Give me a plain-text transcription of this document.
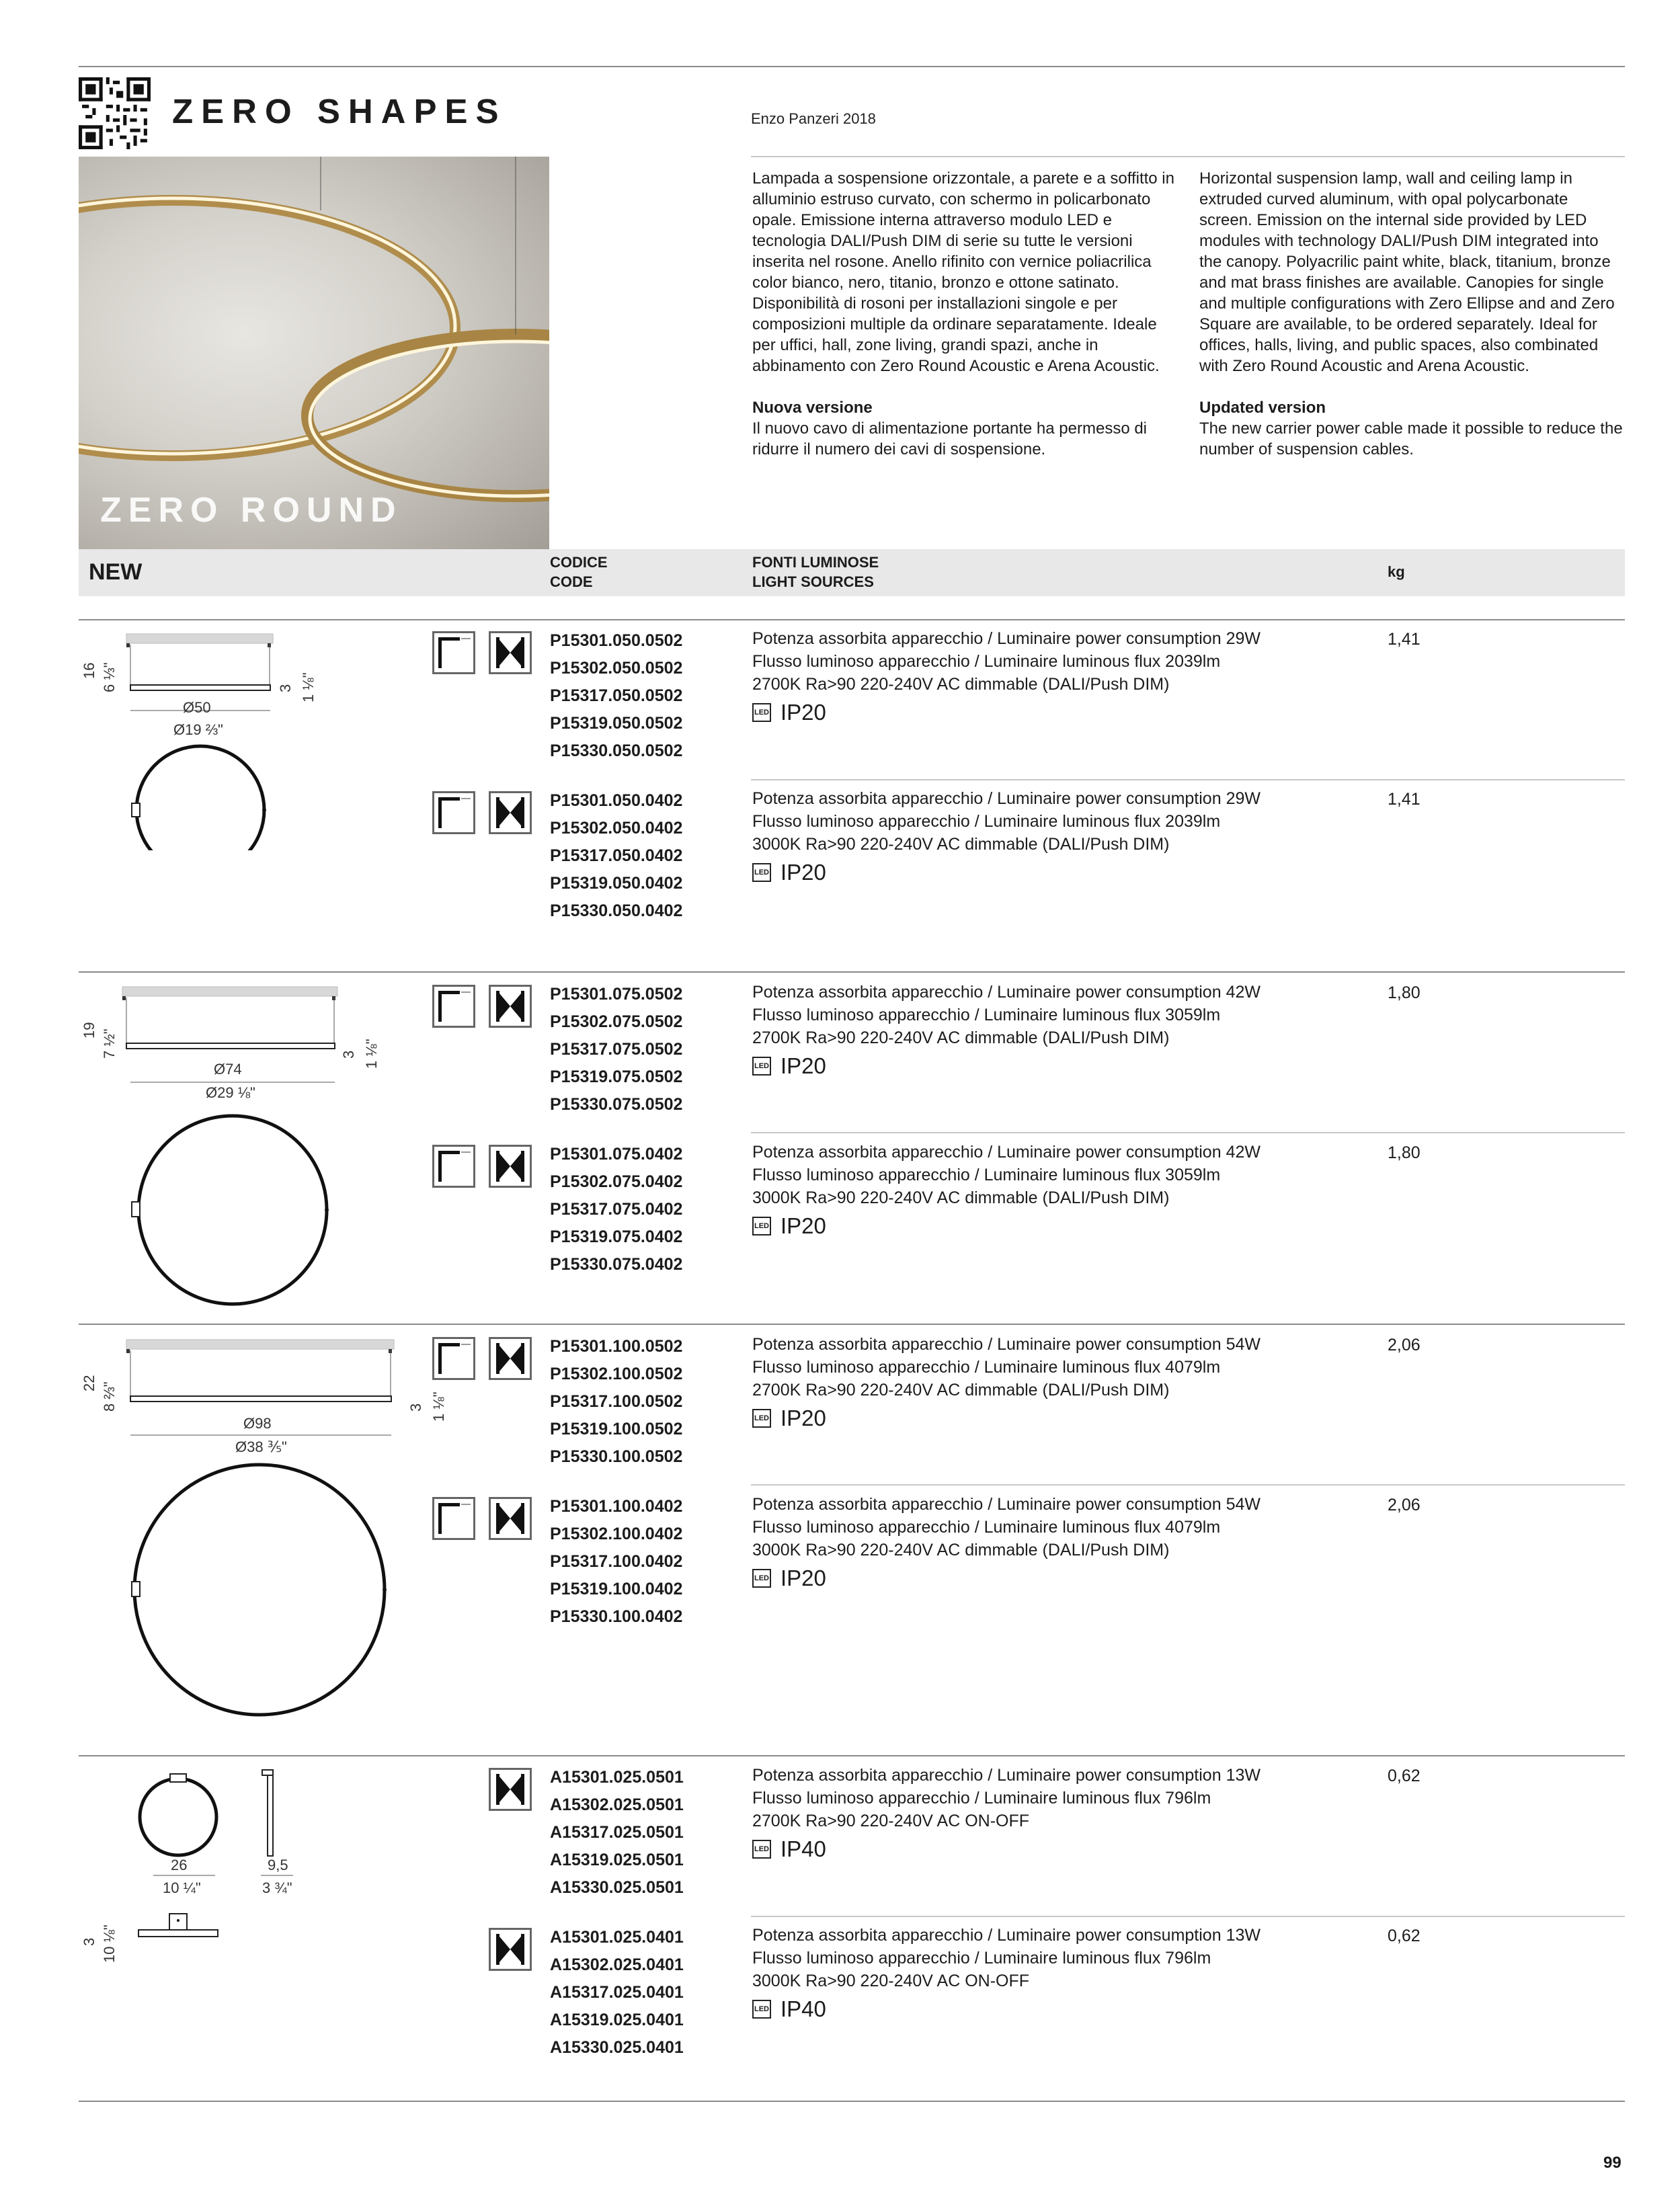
ZERO SHAPES	Enzo Panzeri 2018
ZERO ROUND

Lampada a sospensione orizzontale, a parete e a soffitto in alluminio estruso curvato, con schermo in policarbonato opale. Emissione interna attraverso modulo LED e tecnologia DALI/Push DIM di serie su tutte le versioni inserita nel rosone. Anello rifinito con vernice poliacrilica color bianco, nero, titanio, bronzo e ottone satinato. Disponibilità di rosoni per installazioni singole e per composizioni multiple da ordinare separatamente. Ideale per uffici, hall, zone living, grandi spazi, anche in abbinamento con Zero Round Acoustic e Arena Acoustic.

Nuova versione

Il nuovo cavo di alimentazione portante ha permesso di ridurre il numero dei cavi di sospensione.

Horizontal suspension lamp, wall and ceiling lamp in extruded curved aluminum, with opal polycarbonate screen. Emission on the internal side provided by LED modules with technology DALI/Push DIM integrated into the canopy. Polyacrilic paint white, black, titanium, bronze and mat brass finishes are available. Canopies for single and multiple configurations with Zero Ellipse and and Zero Square are available, to be ordered separately. Ideal for offices, halls, living, and public spaces, also combinated with Zero Round Acoustic and Arena Acoustic.

Updated version

The new carrier power cable made it possible to reduce the number of suspension cables.

NEW	CODICE
CODE
FONTI LUMINOSE
LIGHT SOURCES
kg
P15301.050.0502
P15302.050.0502
P15317.050.0502
P15319.050.0502
P15330.050.0502
Potenza assorbita apparecchio / Luminaire power consumption 29W
Flusso luminoso apparecchio / Luminaire luminous flux 2039lm
2700K Ra>90 220-240V AC dimmable (DALI/Push DIM)
LED IP20
1,41
P15301.050.0402
P15302.050.0402
P15317.050.0402
P15319.050.0402
P15330.050.0402
Potenza assorbita apparecchio / Luminaire power consumption 29W
Flusso luminoso apparecchio / Luminaire luminous flux 2039lm
3000K Ra>90 220-240V AC dimmable (DALI/Push DIM)
LED IP20
1,41
P15301.075.0502
P15302.075.0502
P15317.075.0502
P15319.075.0502
P15330.075.0502
Potenza assorbita apparecchio / Luminaire power consumption 42W
Flusso luminoso apparecchio / Luminaire luminous flux 3059lm
2700K Ra>90 220-240V AC dimmable (DALI/Push DIM)
LED IP20
1,80
P15301.075.0402
P15302.075.0402
P15317.075.0402
P15319.075.0402
P15330.075.0402
Potenza assorbita apparecchio / Luminaire power consumption 42W
Flusso luminoso apparecchio / Luminaire luminous flux 3059lm
3000K Ra>90 220-240V AC dimmable (DALI/Push DIM)
LED IP20
1,80
P15301.100.0502
P15302.100.0502
P15317.100.0502
P15319.100.0502
P15330.100.0502
Potenza assorbita apparecchio / Luminaire power consumption 54W
Flusso luminoso apparecchio / Luminaire luminous flux 4079lm
2700K Ra>90 220-240V AC dimmable (DALI/Push DIM)
LED IP20
2,06
P15301.100.0402
P15302.100.0402
P15317.100.0402
P15319.100.0402
P15330.100.0402
Potenza assorbita apparecchio / Luminaire power consumption 54W
Flusso luminoso apparecchio / Luminaire luminous flux 4079lm
3000K Ra>90 220-240V AC dimmable (DALI/Push DIM)
LED IP20
2,06
A15301.025.0501
A15302.025.0501
A15317.025.0501
A15319.025.0501
A15330.025.0501
Potenza assorbita apparecchio / Luminaire power consumption 13W
Flusso luminoso apparecchio / Luminaire luminous flux 796lm
2700K Ra>90 220-240V AC ON-OFF
LED IP40
0,62
A15301.025.0401
A15302.025.0401
A15317.025.0401
A15319.025.0401
A15330.025.0401
Potenza assorbita apparecchio / Luminaire power consumption 13W
Flusso luminoso apparecchio / Luminaire luminous flux 796lm
3000K Ra>90 220-240V AC ON-OFF
LED IP40
0,62
16 6 ⅓"	3 1 ⅛"
Ø50
Ø19 ⅔"
19 7 ½"	3 1 ⅛"
Ø74
Ø29 ⅛"
22 8 ⅔"	3 1 ⅛"
Ø98
Ø38 ⅗"
26
10 ¼"
9,5
3 ¾"
3 10 ⅛"
99
